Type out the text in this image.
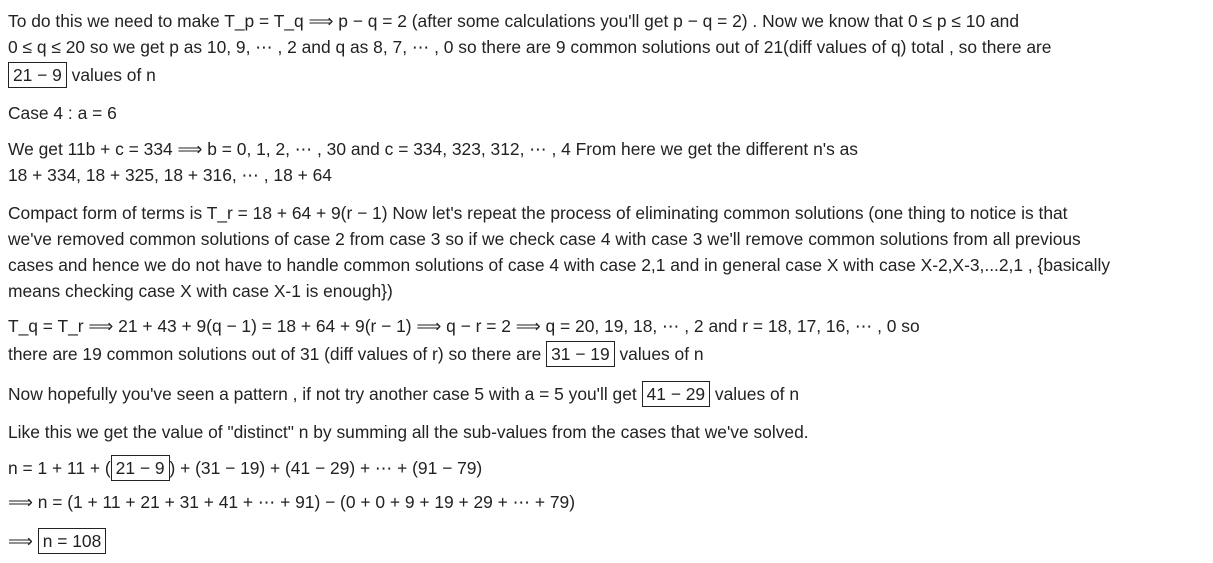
To do this we need to make T_p = T_q ⟹ p − q = 2 (after some calculations you'll get p − q = 2) . Now we know that 0 ≤ p ≤ 10 and
0 ≤ q ≤ 20 so we get p as 10, 9, ⋯ , 2 and q as 8, 7, ⋯ , 0 so there are 9 common solutions out of 21(diff values of q) total , so there are
21 − 9 values of n
Case 4 : a = 6
We get 11b + c = 334 ⟹ b = 0, 1, 2, ⋯ , 30 and c = 334, 323, 312, ⋯ , 4 From here we get the different n's as
18 + 334, 18 + 325, 18 + 316, ⋯ , 18 + 64
Compact form of terms is T_r = 18 + 64 + 9(r − 1) Now let's repeat the process of eliminating common solutions (one thing to notice is that
we've removed common solutions of case 2 from case 3 so if we check case 4 with case 3 we'll remove common solutions from all previous
cases and hence we do not have to handle common solutions of case 4 with case 2,1 and in general case X with case X-2,X-3,...2,1 , {basically
means checking case X with case X-1 is enough})
T_q = T_r ⟹ 21 + 43 + 9(q − 1) = 18 + 64 + 9(r − 1) ⟹ q − r = 2 ⟹ q = 20, 19, 18, ⋯ , 2 and r = 18, 17, 16, ⋯ , 0 so
there are 19 common solutions out of 31 (diff values of r) so there are 31 − 19 values of n
Now hopefully you've seen a pattern , if not try another case 5 with a = 5 you'll get 41 − 29 values of n
Like this we get the value of "distinct" n by summing all the sub-values from the cases that we've solved.
n = 1 + 11 + ( 21 − 9 ) + (31 − 19) + (41 − 29) + ⋯ + (91 − 79)
⟹ n = (1 + 11 + 21 + 31 + 41 + ⋯ + 91) − (0 + 0 + 9 + 19 + 29 + ⋯ + 79)
⟹ n = 108
